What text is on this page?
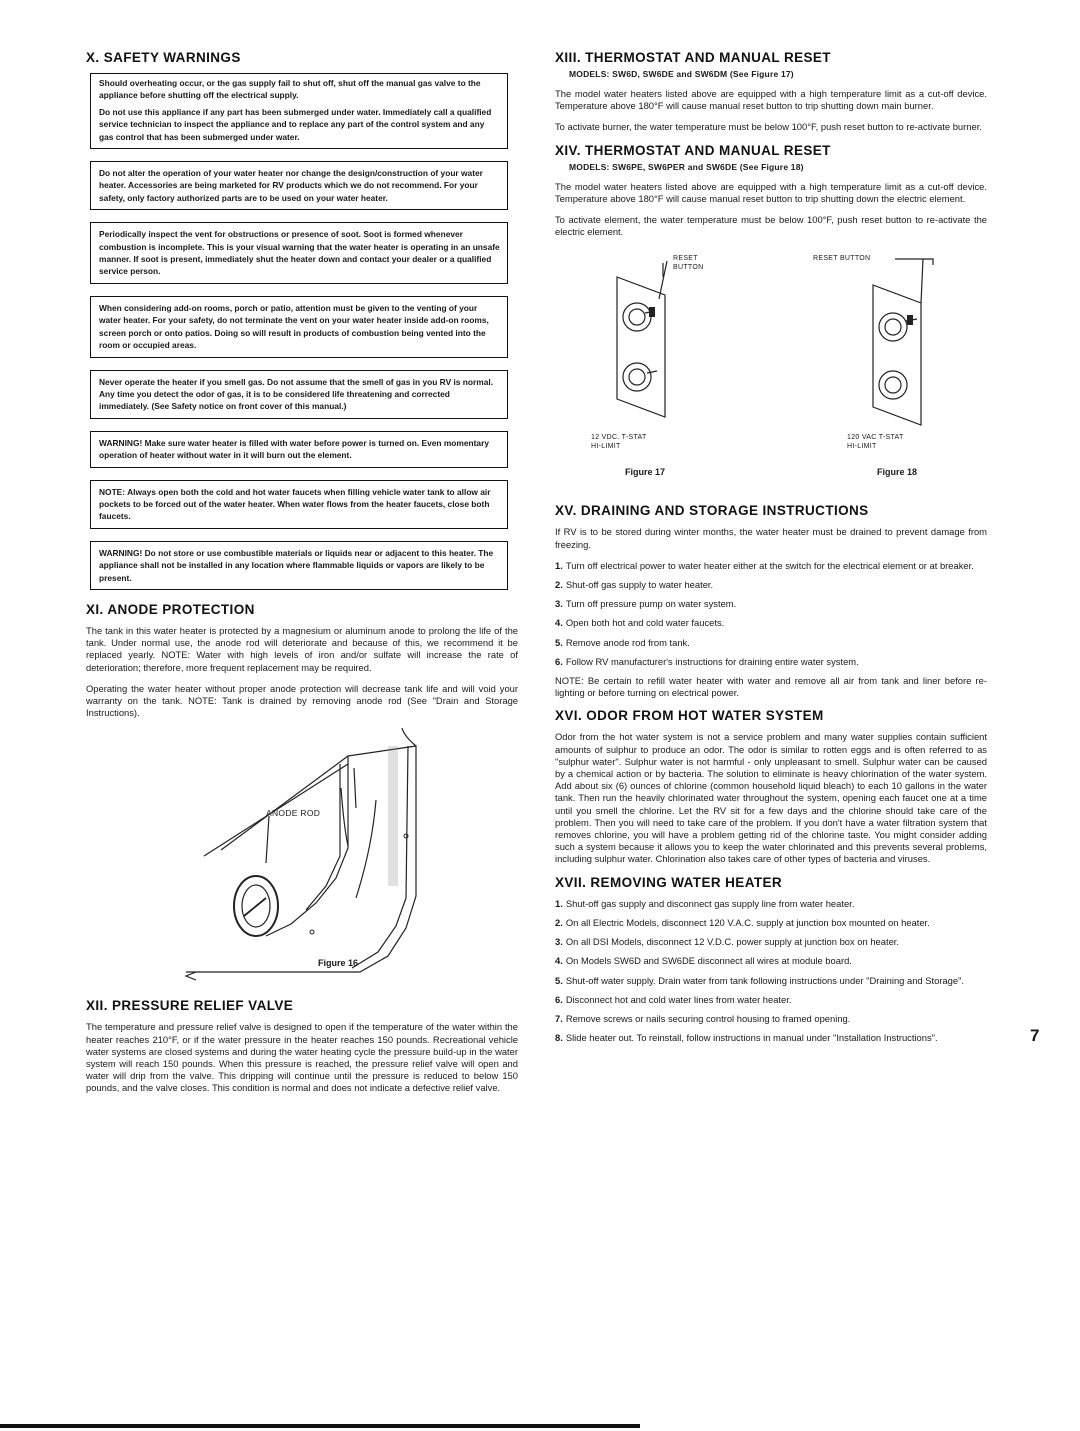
X. SAFETY WARNINGS

Should overheating occur, or the gas supply fail to shut off, shut off the manual gas valve to the appliance before shutting off the electrical supply.

Do not use this appliance if any part has been submerged under water. Immediately call a qualified service technician to inspect the appliance and to replace any part of the control system and any gas control that has been submerged under water.

Do not alter the operation of your water heater nor change the design/construction of your water heater. Accessories are being marketed for RV products which we do not recommend. For your safety, only factory authorized parts are to be used on your water heater.

Periodically inspect the vent for obstructions or presence of soot. Soot is formed whenever combustion is incomplete. This is your visual warning that the water heater is operating in an unsafe manner. If soot is present, immediately shut the heater down and contact your dealer or a qualified service person.

When considering add-on rooms, porch or patio, attention must be given to the venting of your water heater. For your safety, do not terminate the vent on your water heater inside add-on rooms, screen porch or onto patios. Doing so will result in products of combustion being vented into the room or occupied areas.

Never operate the heater if you smell gas. Do not assume that the smell of gas in you RV is normal. Any time you detect the odor of gas, it is to be considered life threatening and corrected immediately. (See Safety notice on front cover of this manual.)

WARNING! Make sure water heater is filled with water before power is turned on. Even momentary operation of heater without water in it will burn out the element.

NOTE: Always open both the cold and hot water faucets when filling vehicle water tank to allow air pockets to be forced out of the water heater. When water flows from the heater faucets, close both faucets.

WARNING! Do not store or use combustible materials or liquids near or adjacent to this heater. The appliance shall not be installed in any location where flammable liquids or vapors are likely to be present.

XI. ANODE PROTECTION

The tank in this water heater is protected by a magnesium or aluminum anode to prolong the life of the tank. Under normal use, the anode rod will deteriorate and because of this, we recommend it be replaced yearly. NOTE: Water with high levels of iron and/or sulfate will increase the rate of deterioration; therefore, more frequent replacement may be required.

Operating the water heater without proper anode protection will decrease tank life and will void your warranty on the tank. NOTE: Tank is drained by removing anode rod (See "Drain and Storage Instructions).

ANODE ROD
Figure 16
XII. PRESSURE RELIEF VALVE

The temperature and pressure relief valve is designed to open if the temperature of the water within the heater reaches 210°F, or if the water pressure in the heater reaches 150 pounds. Recreational vehicle water systems are closed systems and during the water heating cycle the pressure build-up in the water system will reach 150 pounds. When this pressure is reached, the pressure relief valve will open and water will drip from the valve. This dripping will continue until the pressure is reduced to below 150 pounds, and the valve closes. This condition is normal and does not indicate a defective relief valve.

XIII. THERMOSTAT AND MANUAL RESET
MODELS: SW6D, SW6DE and SW6DM (See Figure 17)

The model water heaters listed above are equipped with a high temperature limit as a cut-off device. Temperature above 180°F will cause manual reset button to trip shutting down main burner.

To activate burner, the water temperature must be below 100°F, push reset button to re-activate burner.

XIV. THERMOSTAT AND MANUAL RESET
MODELS: SW6PE, SW6PER and SW6DE (See Figure 18)

The model water heaters listed above are equipped with a high temperature limit as a cut-off device. Temperature above 180°F will cause manual reset button to trip shutting down the electric element.

To activate element, the water temperature must be below 100°F, push reset button to re-activate the electric element.

RESET
BUTTON
RESET BUTTON
12 VDC. T-STAT
HI-LIMIT
120 VAC T-STAT
HI-LIMIT
Figure 17	Figure 18
XV. DRAINING AND STORAGE INSTRUCTIONS

If RV is to be stored during winter months, the water heater must be drained to prevent damage from freezing.

1. Turn off electrical power to water heater either at the switch for the electrical element or at breaker.
2. Shut-off gas supply to water heater.
3. Turn off pressure pump on water system.
4. Open both hot and cold water faucets.
5. Remove anode rod from tank.
6. Follow RV manufacturer's instructions for draining entire water system.

NOTE: Be certain to refill water heater with water and remove all air from tank and liner before re-lighting or before turning on electrical power.

XVI. ODOR FROM HOT WATER SYSTEM

Odor from the hot water system is not a service problem and many water supplies contain sufficient amounts of sulphur to produce an odor. The odor is similar to rotten eggs and is often referred to as "sulphur water". Sulphur water is not harmful - only unpleasant to smell. Sulphur water can be caused by a chemical action or by bacteria. The solution to eliminate is heavy chlorination of the water system. Add about six (6) ounces of chlorine (common household liquid bleach) to each 10 gallons in the water tank. Then run the heavily chlorinated water throughout the system, opening each faucet one at a time until you smell the chlorine. Let the RV sit for a few days and the chlorine should take care of the problem. Then you will need to take care of the problem. If you don't have a water filtration system that removes chlorine, you will have a problem getting rid of the chlorine taste. You might consider adding such a system because it allows you to keep the water chlorinated and this prevents several problems, including sulphur water. Chlorination also takes care of other types of bacteria and viruses.

XVII. REMOVING WATER HEATER
1. Shut-off gas supply and disconnect gas supply line from water heater.
2. On all Electric Models, disconnect 120 V.A.C. supply at junction box mounted on heater.
3. On all DSI Models, disconnect 12 V.D.C. power supply at junction box on heater.
4. On Models SW6D and SW6DE disconnect all wires at module board.
5. Shut-off water supply. Drain water from tank following instructions under "Draining and Storage".
6. Disconnect hot and cold water lines from water heater.
7. Remove screws or nails securing control housing to framed opening.
8. Slide heater out. To reinstall, follow instructions in manual under "Installation Instructions".	7
